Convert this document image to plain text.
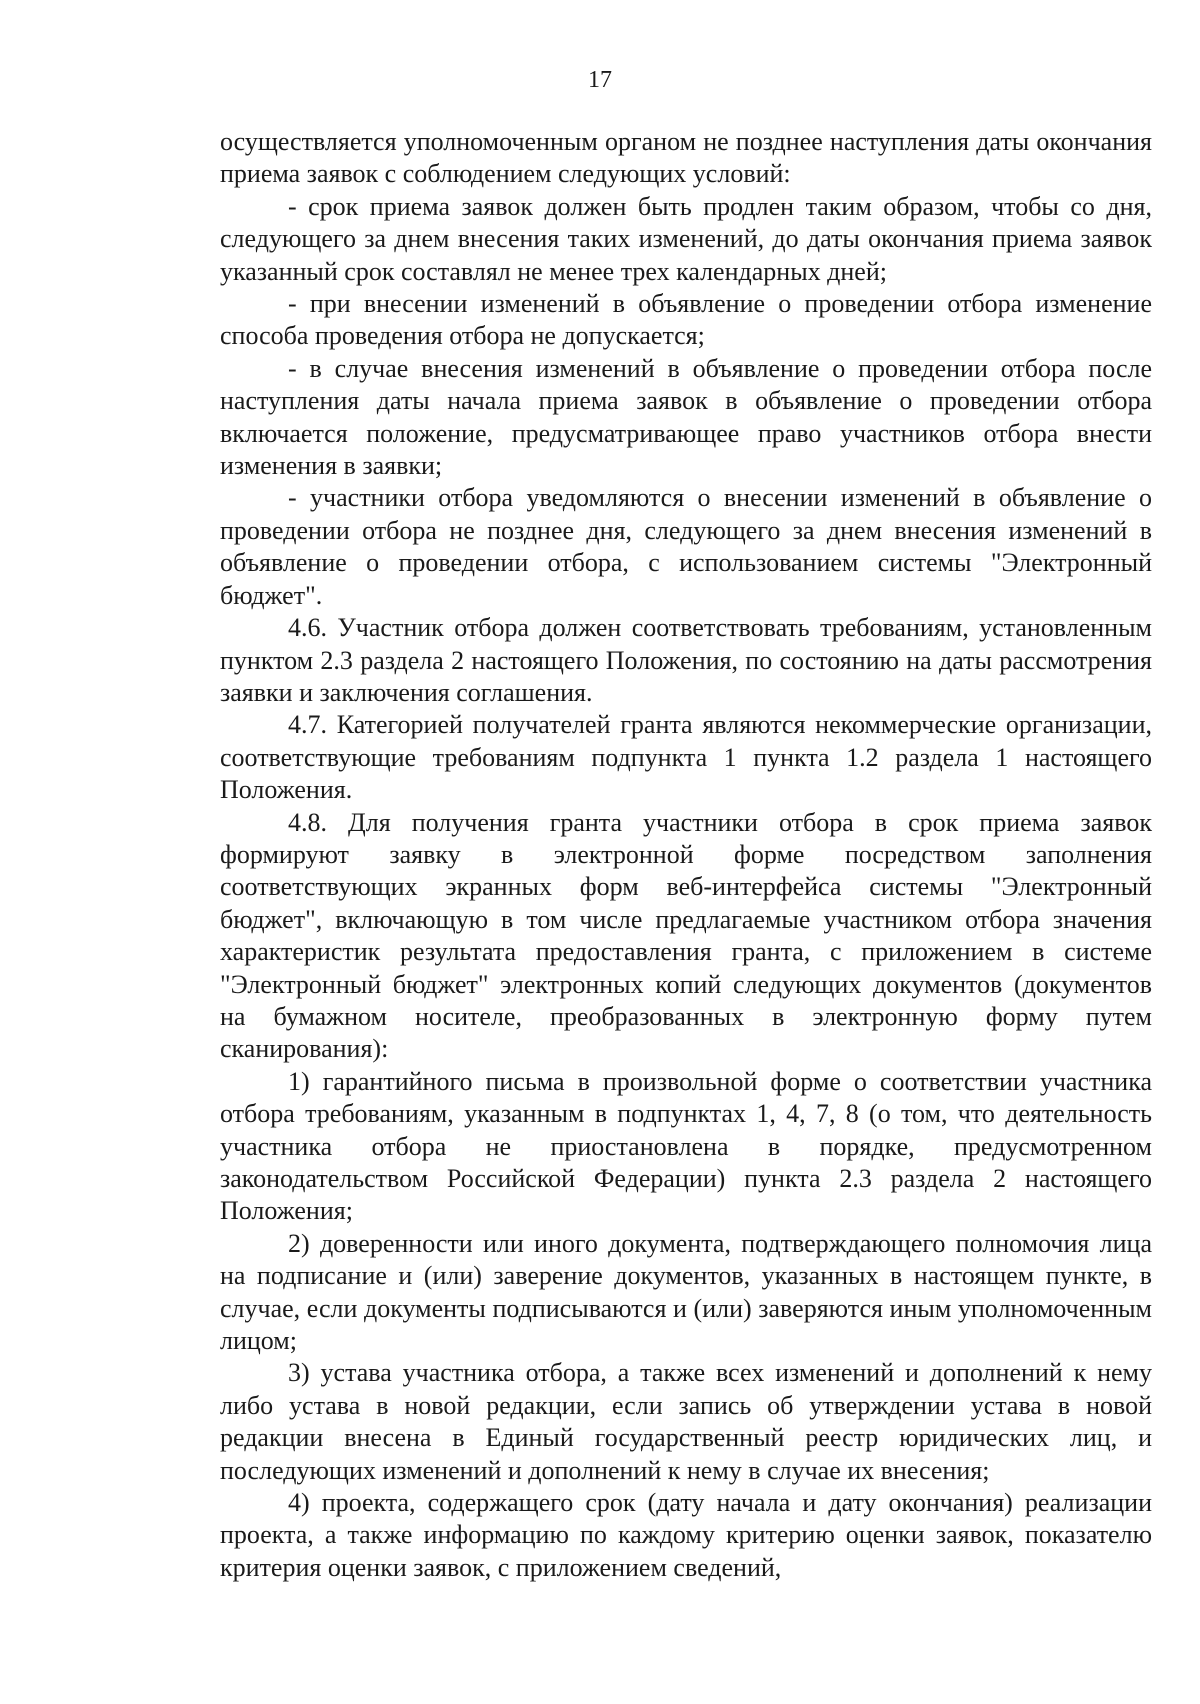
17

осуществляется уполномоченным органом не позднее наступления даты окончания приема заявок с соблюдением следующих условий:

- срок приема заявок должен быть продлен таким образом, чтобы со дня, следующего за днем внесения таких изменений, до даты окончания приема заявок указанный срок составлял не менее трех календарных дней;

- при внесении изменений в объявление о проведении отбора изменение способа проведения отбора не допускается;

- в случае внесения изменений в объявление о проведении отбора после наступления даты начала приема заявок в объявление о проведении отбора включается положение, предусматривающее право участников отбора внести изменения в заявки;

- участники отбора уведомляются о внесении изменений в объявление о проведении отбора не позднее дня, следующего за днем внесения изменений в объявление о проведении отбора, с использованием системы "Электронный бюджет".

4.6. Участник отбора должен соответствовать требованиям, установленным пунктом 2.3 раздела 2 настоящего Положения, по состоянию на даты рассмотрения заявки и заключения соглашения.

4.7. Категорией получателей гранта являются некоммерческие организации, соответствующие требованиям подпункта 1 пункта 1.2 раздела 1 настоящего Положения.

4.8. Для получения гранта участники отбора в срок приема заявок формируют заявку в электронной форме посредством заполнения соответствующих экранных форм веб-интерфейса системы "Электронный бюджет", включающую в том числе предлагаемые участником отбора значения характеристик результата предоставления гранта, с приложением в системе "Электронный бюджет" электронных копий следующих документов (документов на бумажном носителе, преобразованных в электронную форму путем сканирования):

1) гарантийного письма в произвольной форме о соответствии участника отбора требованиям, указанным в подпунктах 1, 4, 7, 8 (о том, что деятельность участника отбора не приостановлена в порядке, предусмотренном законодательством Российской Федерации) пункта 2.3 раздела 2 настоящего Положения;

2) доверенности или иного документа, подтверждающего полномочия лица на подписание и (или) заверение документов, указанных в настоящем пункте, в случае, если документы подписываются и (или) заверяются иным уполномоченным лицом;

3) устава участника отбора, а также всех изменений и дополнений к нему либо устава в новой редакции, если запись об утверждении устава в новой редакции внесена в Единый государственный реестр юридических лиц, и последующих изменений и дополнений к нему в случае их внесения;

4) проекта, содержащего срок (дату начала и дату окончания) реализации проекта, а также информацию по каждому критерию оценки заявок, показателю критерия оценки заявок, с приложением сведений,
